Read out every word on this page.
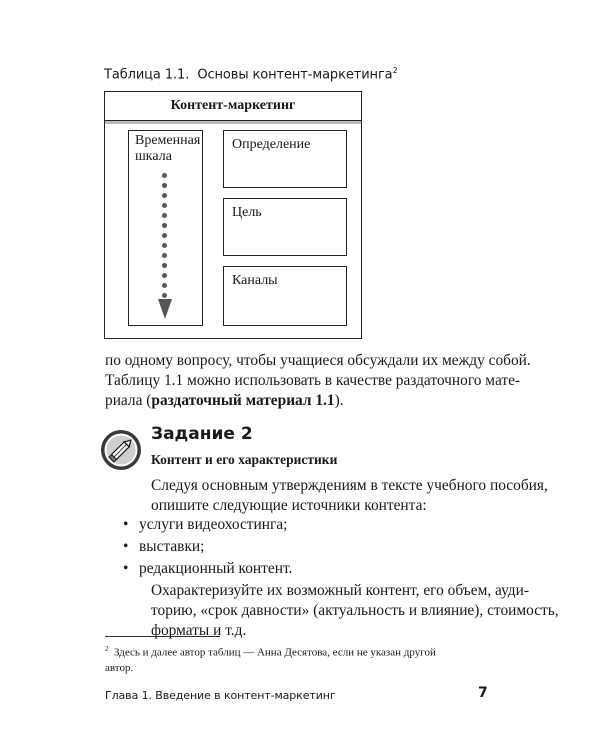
Таблица 1.1. Основы контент-маркетинга$^2$
Контент-маркетинг
Временная
шкала
Определение
Цель
Каналы
по одному вопросу, чтобы учащиеся обсуждали их между собой.
Таблицу 1.1 можно использовать в качестве раздаточного мате-
риала (раздаточный материал 1.1).
Задание 2
Контент и его характеристики
Следуя основным утверждениям в тексте учебного пособия,
опишите следующие источники контента:
• услуги видеохостинга;
• выставки;
• редакционный контент.
Охарактеризуйте их возможный контент, его объем, ауди-
торию, «срок давности» (актуальность и влияние), стоимость,
форматы и т.д.
$^2$ Здесь и далее автор таблиц — Анна Десятова, если не указан другой
автор.
Глава 1. Введение в контент-маркетинг	7
